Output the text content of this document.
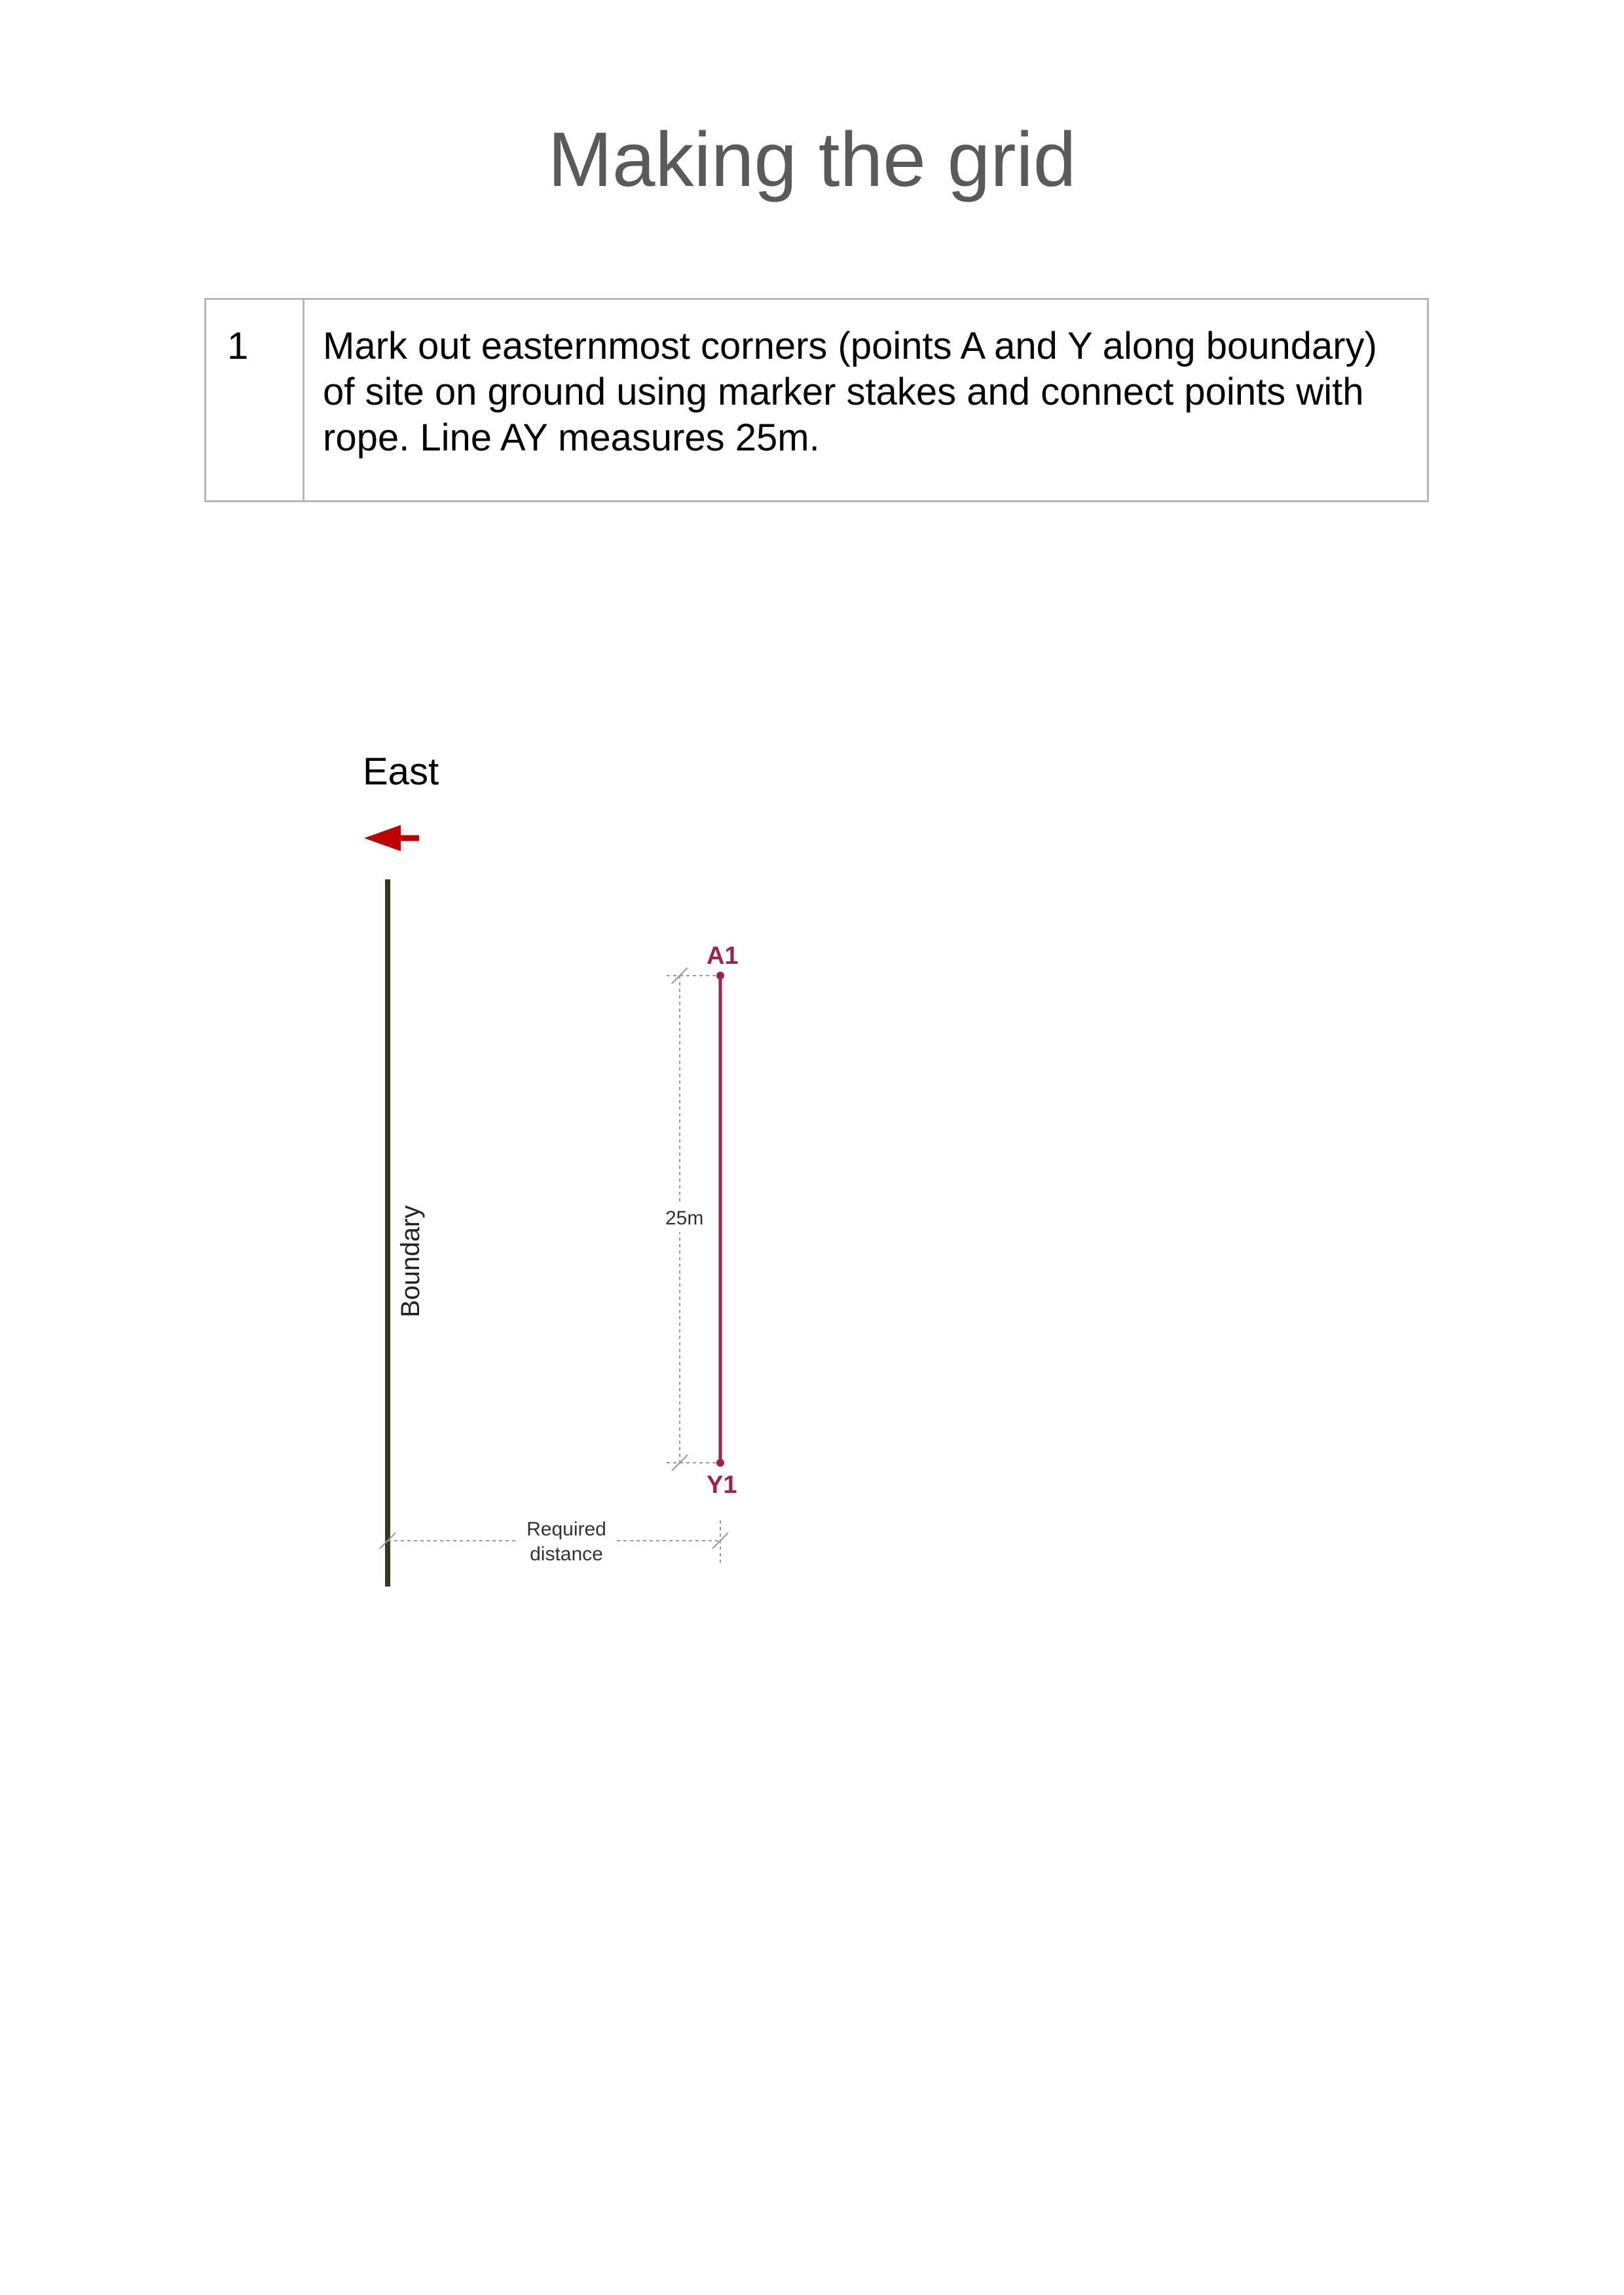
Making the grid
1	Mark out easternmost corners (points A and Y along boundary) of site on ground using marker stakes and connect points with rope. Line AY measures 25m.
East
Boundary	25m
A1
Y1
Required
distance
